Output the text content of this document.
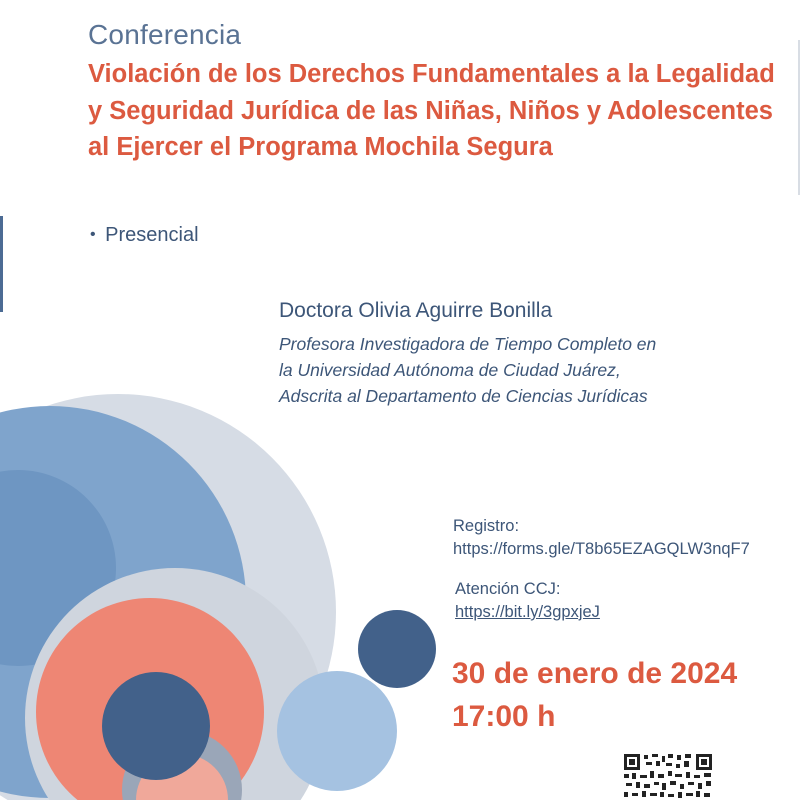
Conferencia
Violación de los Derechos Fundamentales a la Legalidad y Seguridad Jurídica de las Niñas, Niños y Adolescentes al Ejercer el Programa Mochila Segura
• Presencial
Doctora Olivia Aguirre Bonilla
Profesora Investigadora de Tiempo Completo en
la Universidad Autónoma de Ciudad Juárez,
Adscrita al Departamento de Ciencias Jurídicas
Registro:
https://forms.gle/T8b65EZAGQLW3nqF7
Atención CCJ:
https://bit.ly/3gpxjeJ
30 de enero de 2024
17:00 h
